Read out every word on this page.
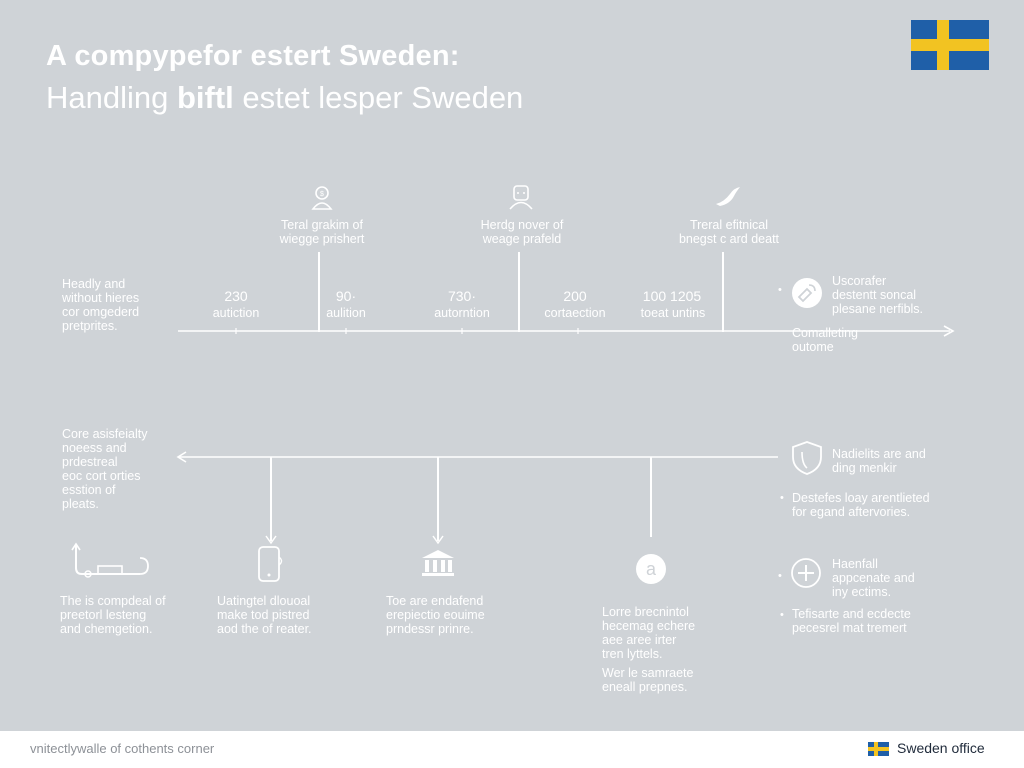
A compypefor estert Sweden:
Handling biftl estet lesper Sweden
Headly and
without hieres
cor omgederd
pretprites.
$
Teral grakim of
wiegge prishert
Herdg nover of
weage prafeld
Treral efitnical
bnegst c ard deatt
230
autiction
90·
aulition
730·
autorntion
200
cortaection
100 1205
toeat untins
•
Uscorafer
destentt soncal
plesane nerfibls.
Comalleting
outome
Core asisfeialty
noeess and
prdestreal
eoc cort orties
esstion of
pleats.
Nadielits are and
ding menkir
• Destefes loay arentlieted
for egand aftervories.
•
Haenfall
appcenate and
iny ectims.
• Tefisarte and ecdecte
pecesrel mat tremert
a
The is compdeal of
preetorl lesteng
and chemgetion.
Uatingtel dlouoal
make tod pistred
aod the of reater.
Toe are endafend
erepiectio eouime
prndessr prinre.
Lorre brecnintol
hecemag echere
aee aree irter
tren lyttels.
Wer le samraete
eneall prepnes.
vnitectlywalle of cothents corner	Sweden office
